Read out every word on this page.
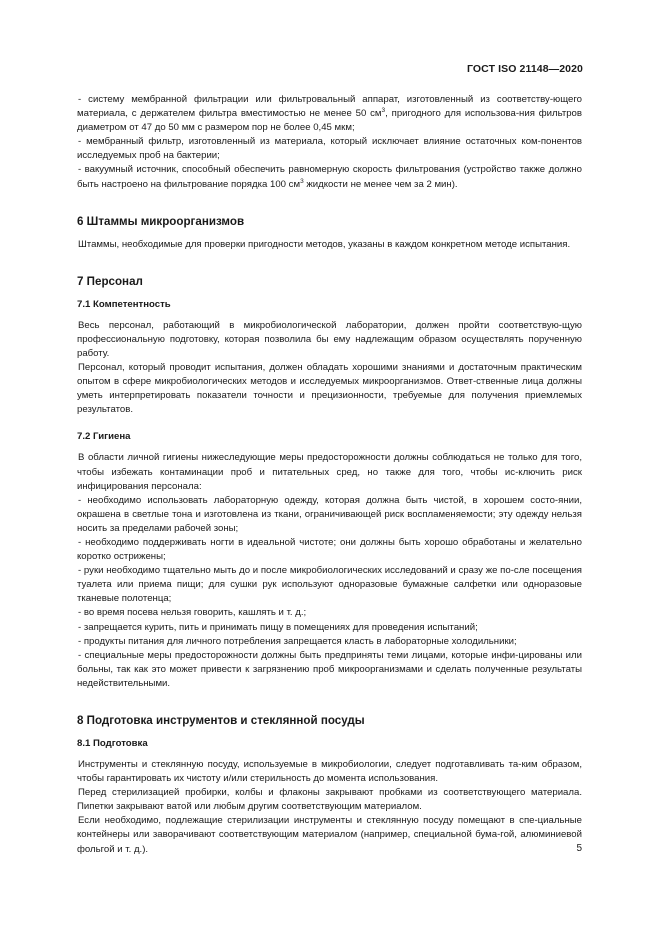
ГОСТ ISO 21148—2020

- систему мембранной фильтрации или фильтровальный аппарат, изготовленный из соответству-ющего материала, с держателем фильтра вместимостью не менее 50 $см^3$, пригодного для использова-ния фильтров диаметром от 47 до 50 мм с размером пор не более 0,45 мкм;

- мембранный фильтр, изготовленный из материала, который исключает влияние остаточных ком-понентов исследуемых проб на бактерии;

- вакуумный источник, способный обеспечить равномерную скорость фильтрования (устройство также должно быть настроено на фильтрование порядка 100 $см^3$ жидкости не менее чем за 2 мин).

6 Штаммы микроорганизмов

Штаммы, необходимые для проверки пригодности методов, указаны в каждом конкретном методе испытания.

7 Персонал
7.1 Компетентность

Весь персонал, работающий в микробиологической лаборатории, должен пройти соответствую-щую профессиональную подготовку, которая позволила бы ему надлежащим образом осуществлять порученную работу.

Персонал, который проводит испытания, должен обладать хорошими знаниями и достаточным практическим опытом в сфере микробиологических методов и исследуемых микроорганизмов. Ответ-ственные лица должны уметь интерпретировать показатели точности и прецизионности, требуемые для получения приемлемых результатов.

7.2 Гигиена

В области личной гигиены нижеследующие меры предосторожности должны соблюдаться не только для того, чтобы избежать контаминации проб и питательных сред, но также для того, чтобы ис-ключить риск инфицирования персонала:

- необходимо использовать лабораторную одежду, которая должна быть чистой, в хорошем состо-янии, окрашена в светлые тона и изготовлена из ткани, ограничивающей риск воспламеняемости; эту одежду нельзя носить за пределами рабочей зоны;

- необходимо поддерживать ногти в идеальной чистоте; они должны быть хорошо обработаны и желательно коротко острижены;

- руки необходимо тщательно мыть до и после микробиологических исследований и сразу же по-сле посещения туалета или приема пищи; для сушки рук используют одноразовые бумажные салфетки или одноразовые тканевые полотенца;

- во время посева нельзя говорить, кашлять и т. д.;

- запрещается курить, пить и принимать пищу в помещениях для проведения испытаний;

- продукты питания для личного потребления запрещается класть в лабораторные холодильники;

- специальные меры предосторожности должны быть предприняты теми лицами, которые инфи-цированы или больны, так как это может привести к загрязнению проб микроорганизмами и сделать полученные результаты недействительными.

8 Подготовка инструментов и стеклянной посуды
8.1 Подготовка

Инструменты и стеклянную посуду, используемые в микробиологии, следует подготавливать та-ким образом, чтобы гарантировать их чистоту и/или стерильность до момента использования.

Перед стерилизацией пробирки, колбы и флаконы закрывают пробками из соответствующего материала. Пипетки закрывают ватой или любым другим соответствующим материалом.

Если необходимо, подлежащие стерилизации инструменты и стеклянную посуду помещают в спе-циальные контейнеры или заворачивают соответствующим материалом (например, специальной бума-гой, алюминиевой фольгой и т. д.).	5
